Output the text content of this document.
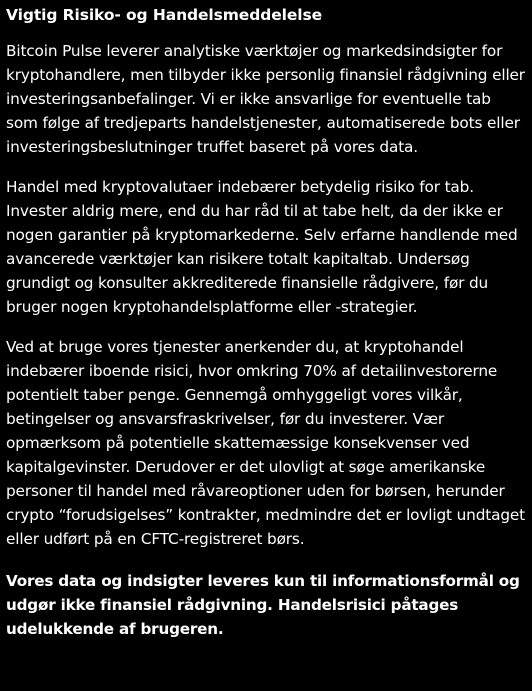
Vigtig Risiko- og Handelsmeddelelse

Bitcoin Pulse leverer analytiske værktøjer og markedsindsigter for kryptohandlere, men tilbyder ikke personlig finansiel rådgivning eller investeringsanbefalinger. Vi er ikke ansvarlige for eventuelle tab som følge af tredjeparts handelstjenester, automatiserede bots eller investeringsbeslutninger truffet baseret på vores data.

Handel med kryptovalutaer indebærer betydelig risiko for tab. Invester aldrig mere, end du har råd til at tabe helt, da der ikke er nogen garantier på kryptomarkederne. Selv erfarne handlende med avancerede værktøjer kan risikere totalt kapitaltab. Undersøg grundigt og konsulter akkrediterede finansielle rådgivere, før du bruger nogen kryptohandelsplatforme eller -strategier.

Ved at bruge vores tjenester anerkender du, at kryptohandel indebærer iboende risici, hvor omkring 70% af detailinvestorerne potentielt taber penge. Gennemgå omhyggeligt vores vilkår, betingelser og ansvarsfraskrivelser, før du investerer. Vær opmærksom på potentielle skattemæssige konsekvenser ved kapitalgevinster. Derudover er det ulovligt at søge amerikanske personer til handel med råvareoptioner uden for børsen, herunder crypto “forudsigelses” kontrakter, medmindre det er lovligt undtaget eller udført på en CFTC-registreret børs.

Vores data og indsigter leveres kun til informationsformål og udgør ikke finansiel rådgivning. Handelsrisici påtages udelukkende af brugeren.
